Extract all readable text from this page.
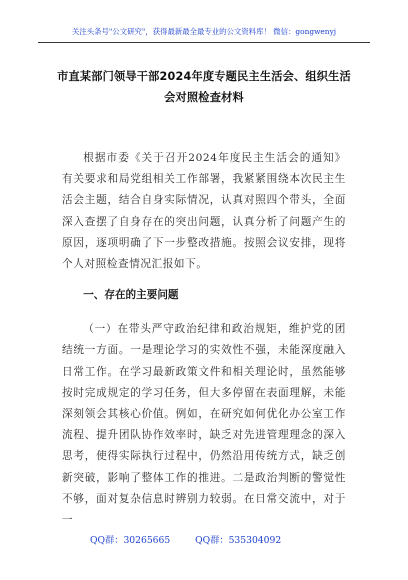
关注头条号"公文研究"，获得最新最全最专业的公文资料库！ 微信：gongwenyj
市直某部门领导干部2024年度专题民主生活会、组织生活会对照检查材料

根据市委《关于召开2024年度民主生活会的通知》有关要求和局党组相关工作部署，我紧紧围绕本次民主生活会主题，结合自身实际情况，认真对照四个带头，全面深入查摆了自身存在的突出问题，认真分析了问题产生的原因，逐项明确了下一步整改措施。按照会议安排，现将个人对照检查情况汇报如下。

一、存在的主要问题

（一）在带头严守政治纪律和政治规矩，维护党的团结统一方面。一是理论学习的实效性不强，未能深度融入日常工作。在学习最新政策文件和相关理论时，虽然能够按时完成规定的学习任务，但大多停留在表面理解，未能深刻领会其核心价值。例如，在研究如何优化办公室工作流程、提升团队协作效率时，缺乏对先进管理理念的深入思考，使得实际执行过程中，仍然沿用传统方式，缺乏创新突破，影响了整体工作的推进。二是政治判断的警觉性不够，面对复杂信息时辨别力较弱。在日常交流中，对于一

QQ群：30265665	QQ群：535304092
